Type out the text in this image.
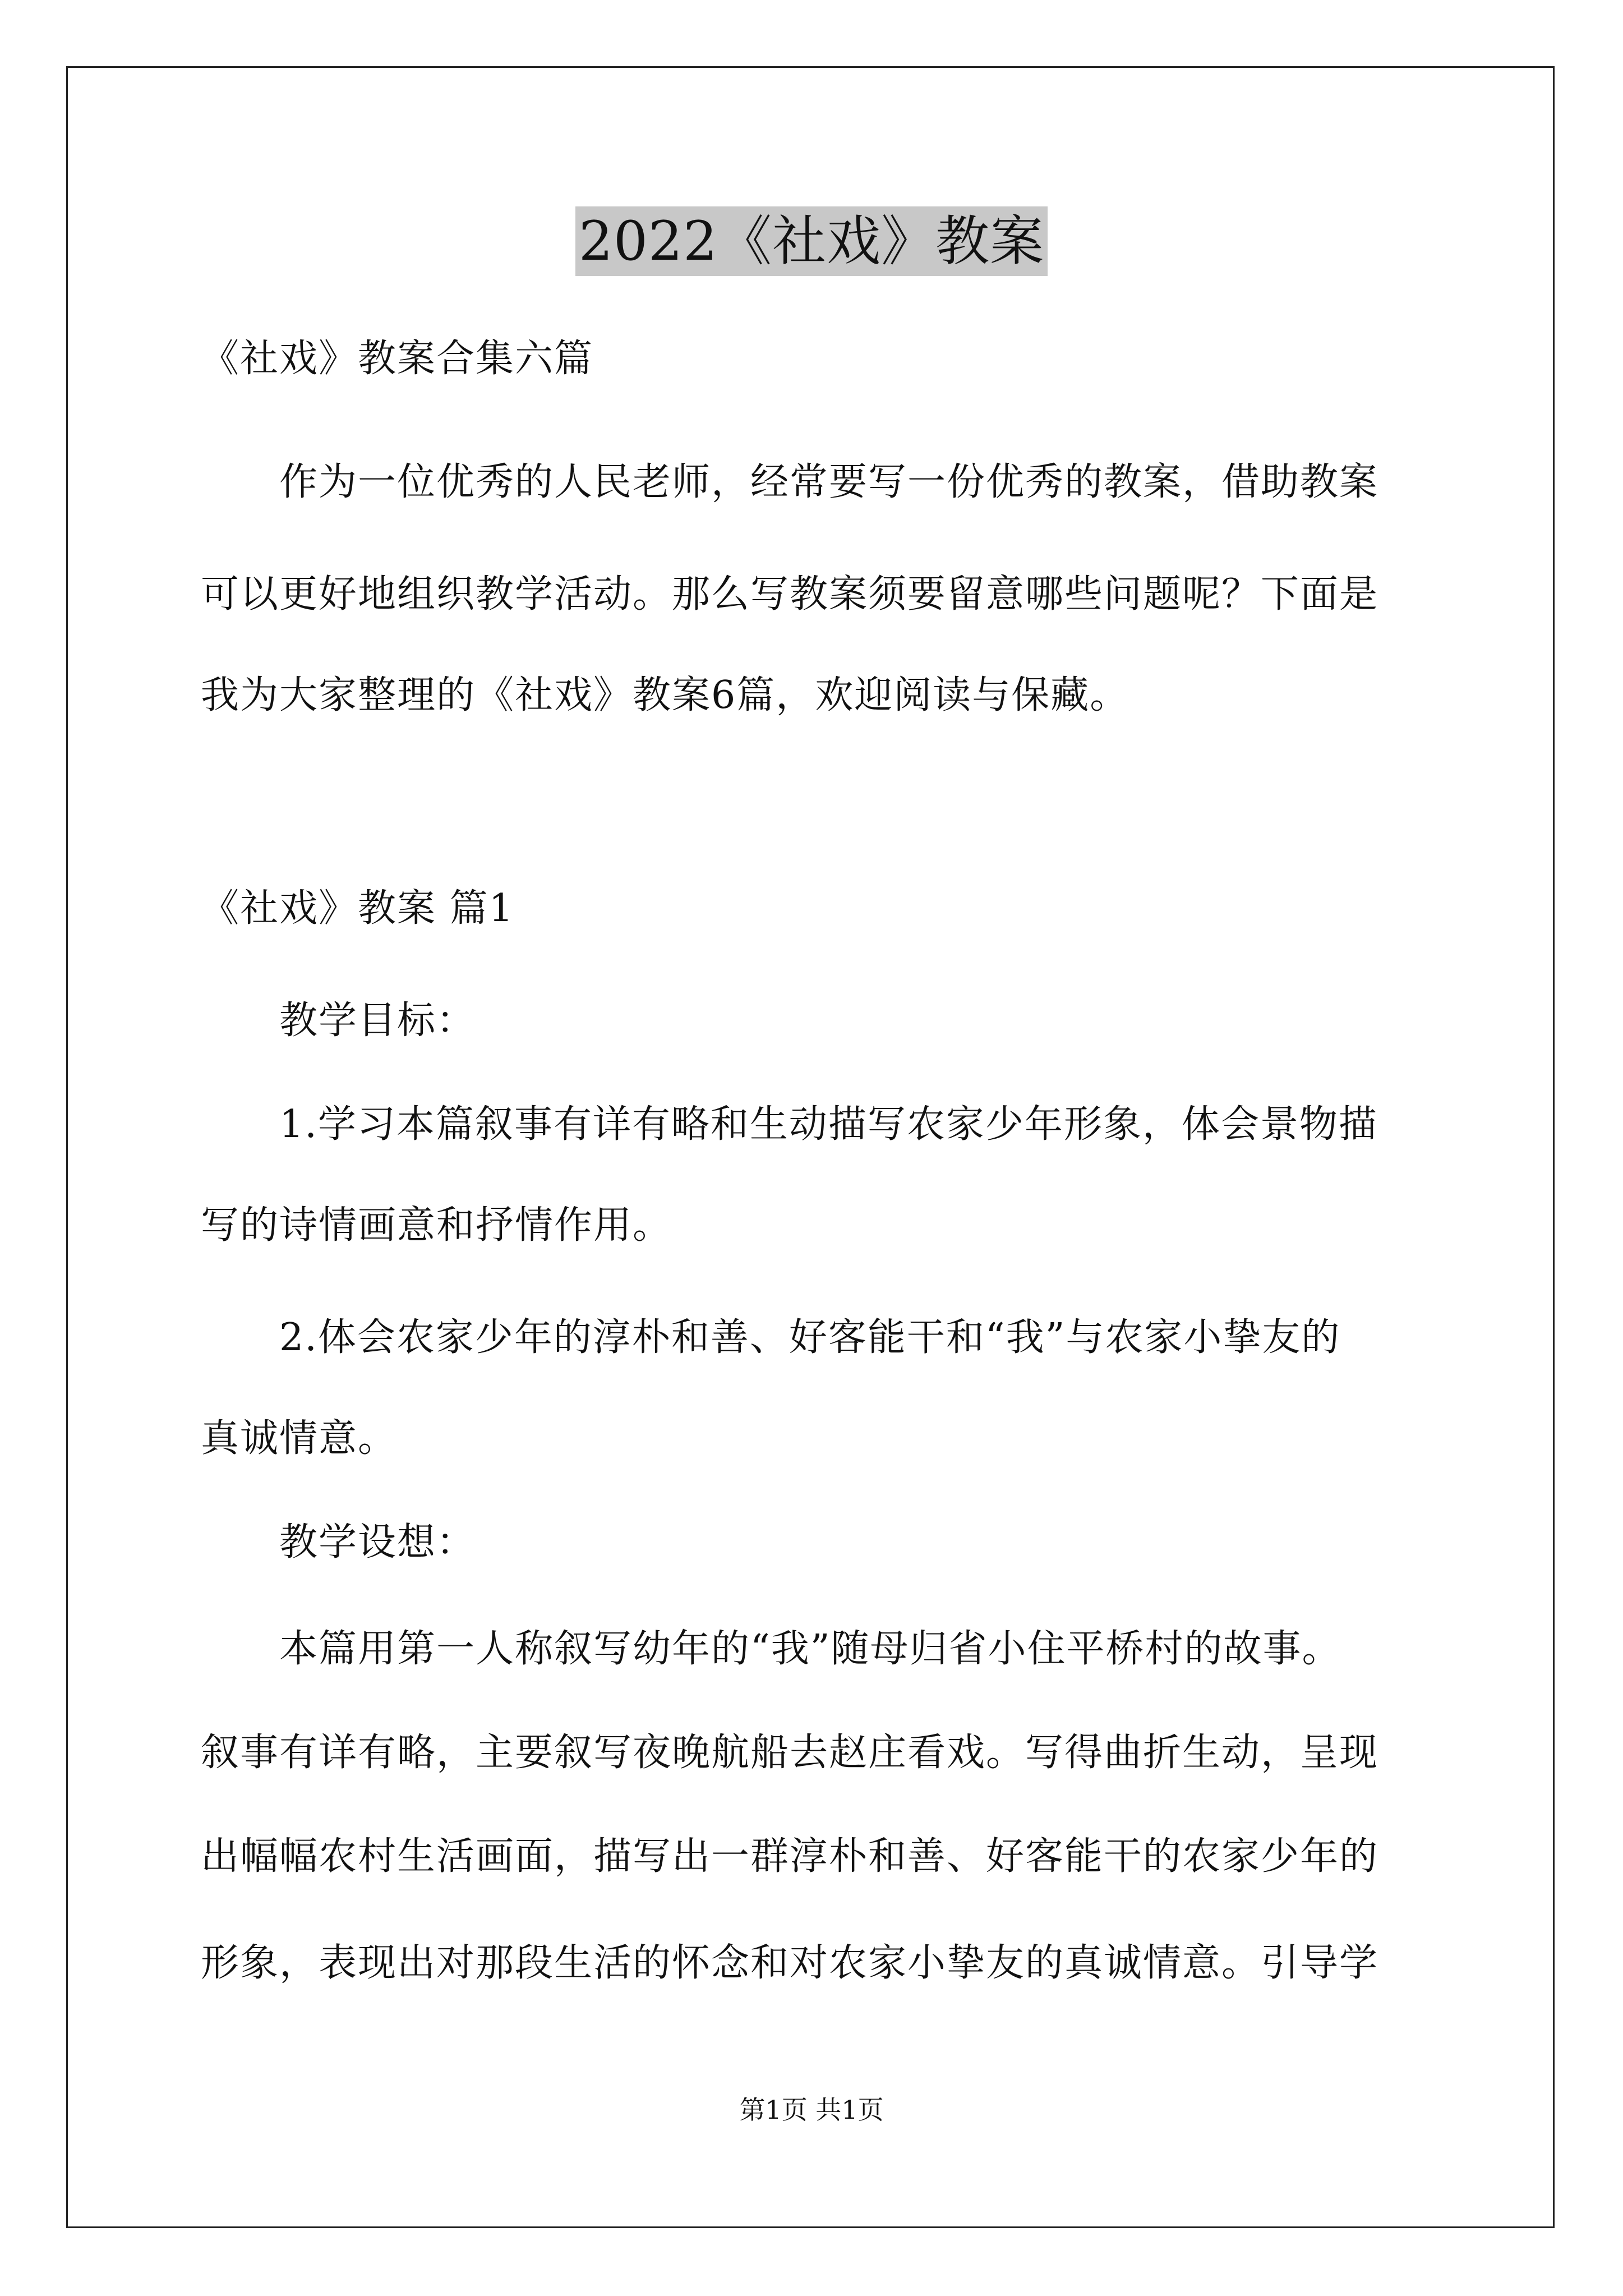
2022《社戏》教案
《社戏》教案合集六篇
作为一位优秀的人民老师，经常要写一份优秀的教案，借助教案
可以更好地组织教学活动。那么写教案须要留意哪些问题呢？下面是
我为大家整理的《社戏》教案6篇，欢迎阅读与保藏。
《社戏》教案 篇1
教学目标：
1.学习本篇叙事有详有略和生动描写农家少年形象，体会景物描
写的诗情画意和抒情作用。
2.体会农家少年的淳朴和善、好客能干和“我”与农家小挚友的
真诚情意。
教学设想：
本篇用第一人称叙写幼年的“我”随母归省小住平桥村的故事。
叙事有详有略，主要叙写夜晚航船去赵庄看戏。写得曲折生动，呈现
出幅幅农村生活画面，描写出一群淳朴和善、好客能干的农家少年的
形象，表现出对那段生活的怀念和对农家小挚友的真诚情意。引导学
第1页 共1页
